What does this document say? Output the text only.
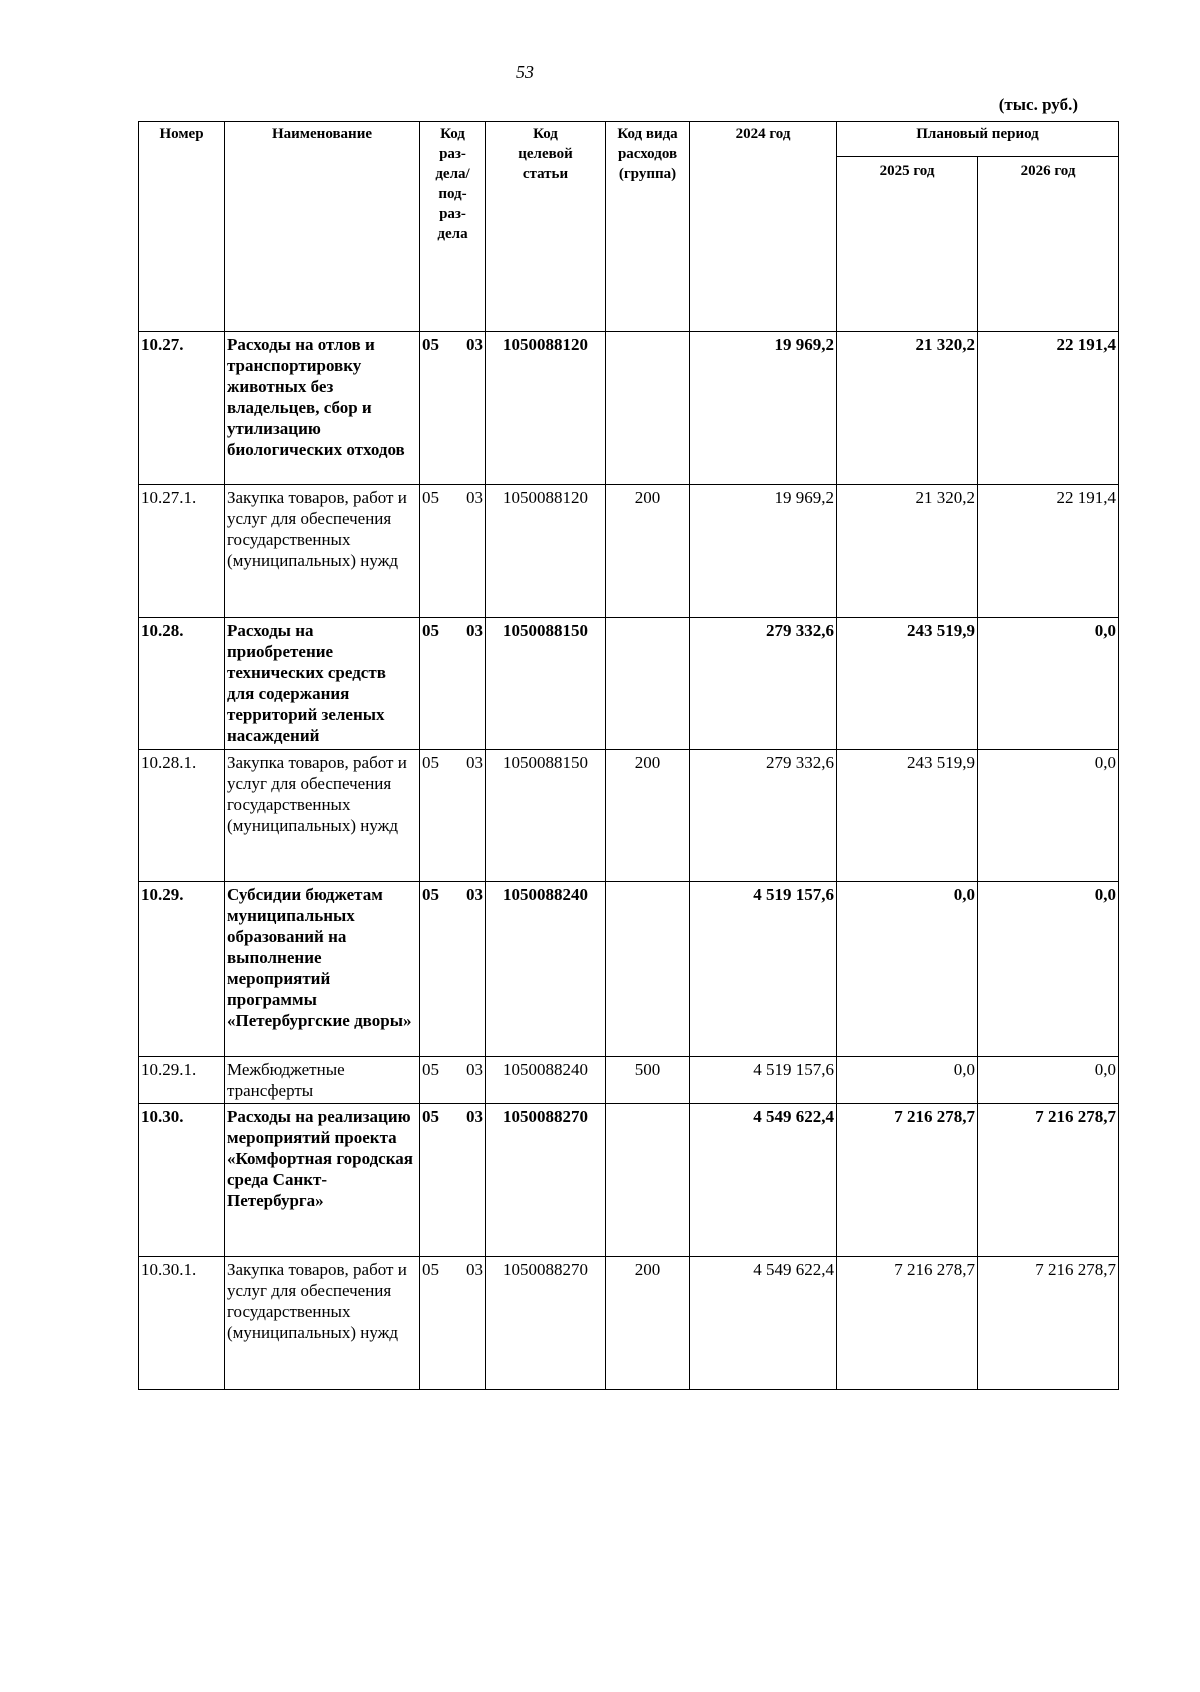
53
(тыс. руб.)
Номер	Наименование	Код раз-дела/ под-раз-дела	Код целевой статьи	Код вида расходов (группа)	2024 год	Плановый период	
						2025 год	2026 год
10.27.	Расходы на отлов и транспортировку животных без владельцев, сбор и утилизацию биологических отходов	05 03	1050088120		19 969,2	21 320,2	22 191,4
10.27.1.	Закупка товаров, работ и услуг для обеспечения государственных (муниципальных) нужд	05 03	1050088120	200	19 969,2	21 320,2	22 191,4
10.28.	Расходы на приобретение технических средств для содержания территорий зеленых насаждений	05 03	1050088150		279 332,6	243 519,9	0,0
10.28.1.	Закупка товаров, работ и услуг для обеспечения государственных (муниципальных) нужд	05 03	1050088150	200	279 332,6	243 519,9	0,0
10.29.	Субсидии бюджетам муниципальных образований на выполнение мероприятий программы «Петербургские дворы»	05 03	1050088240		4 519 157,6	0,0	0,0
10.29.1.	Межбюджетные трансферты	05 03	1050088240	500	4 519 157,6	0,0	0,0
10.30.	Расходы на реализацию мероприятий проекта «Комфортная городская среда Санкт-Петербурга»	05 03	1050088270		4 549 622,4	7 216 278,7	7 216 278,7
10.30.1.	Закупка товаров, работ и услуг для обеспечения государственных (муниципальных) нужд	05 03	1050088270	200	4 549 622,4	7 216 278,7	7 216 278,7
